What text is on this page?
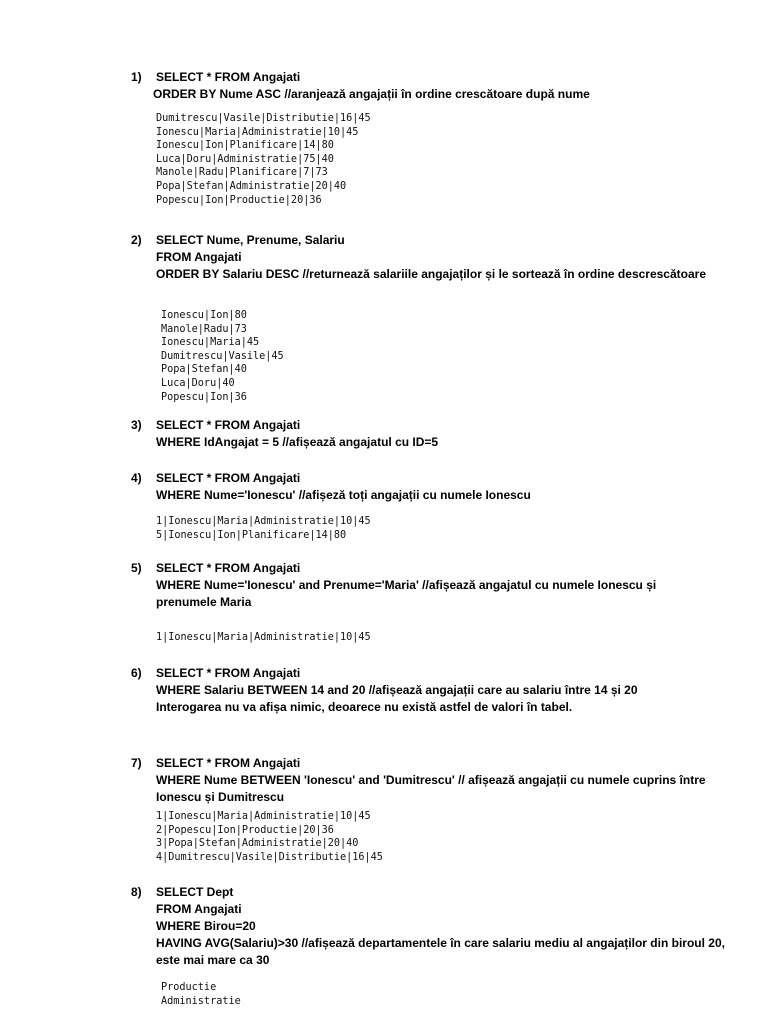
1) SELECT * FROM Angajati
ORDER BY Nume ASC //aranjează angajații în ordine crescătoare după nume
Dumitrescu|Vasile|Distributie|16|45
Ionescu|Maria|Administratie|10|45
Ionescu|Ion|Planificare|14|80
Luca|Doru|Administratie|75|40
Manole|Radu|Planificare|7|73
Popa|Stefan|Administratie|20|40
Popescu|Ion|Productie|20|36
2) SELECT Nume, Prenume, Salariu
FROM Angajati
ORDER BY Salariu DESC //returnează salariile angajaților și le sortează în ordine descrescătoare
Ionescu|Ion|80
Manole|Radu|73
Ionescu|Maria|45
Dumitrescu|Vasile|45
Popa|Stefan|40
Luca|Doru|40
Popescu|Ion|36
3) SELECT * FROM Angajati
WHERE IdAngajat = 5 //afișează angajatul cu ID=5
4) SELECT * FROM Angajati
WHERE Nume='Ionescu' //afișeză toți angajații cu numele Ionescu
1|Ionescu|Maria|Administratie|10|45
5|Ionescu|Ion|Planificare|14|80
5) SELECT * FROM Angajati
WHERE Nume='Ionescu' and Prenume='Maria' //afișează angajatul cu numele Ionescu și prenumele Maria
1|Ionescu|Maria|Administratie|10|45
6) SELECT * FROM Angajati
WHERE Salariu BETWEEN 14 and 20 //afișează angajații care au salariu între 14 și 20
Interogarea nu va afișa nimic, deoarece nu există astfel de valori în tabel.
7) SELECT * FROM Angajati
WHERE Nume BETWEEN 'Ionescu' and 'Dumitrescu' // afișează angajații cu numele cuprins între Ionescu și Dumitrescu
1|Ionescu|Maria|Administratie|10|45
2|Popescu|Ion|Productie|20|36
3|Popa|Stefan|Administratie|20|40
4|Dumitrescu|Vasile|Distributie|16|45
8) SELECT Dept
FROM Angajati
WHERE Birou=20
HAVING AVG(Salariu)>30 //afișează departamentele în care salariu mediu al angajaților din biroul 20, este mai mare ca 30
Productie
Administratie
